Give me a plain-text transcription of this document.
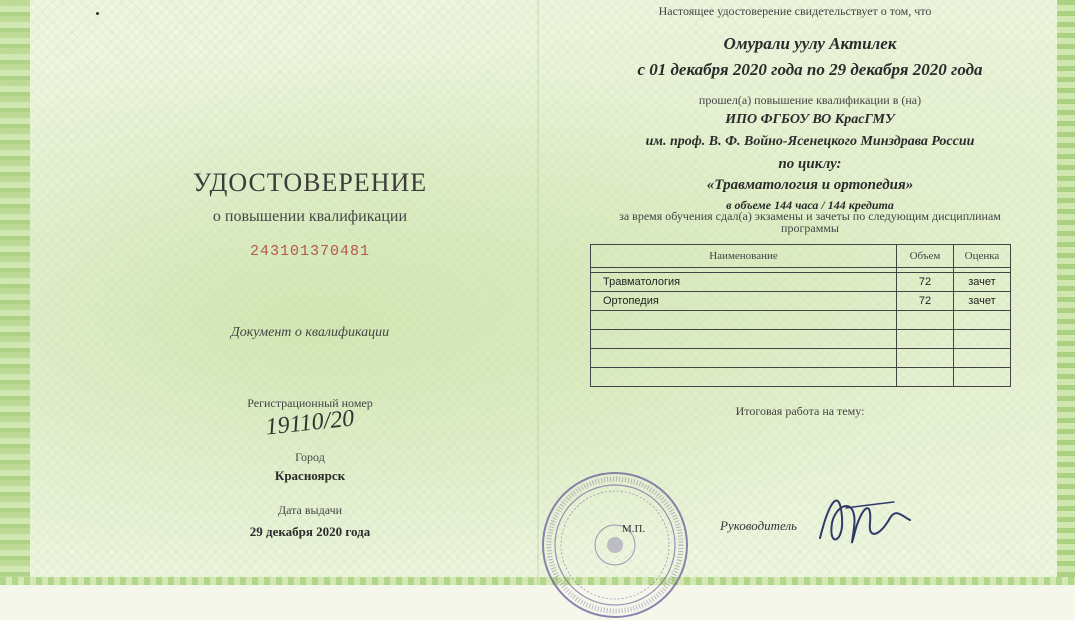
УДОСТОВЕРЕНИЕ
о повышении квалификации
243101370481
Документ о квалификации
Регистрационный номер
19110/20
Город
Красноярск
Дата выдачи
29 декабря 2020 года
Настоящее удостоверение свидетельствует о том, что
Омурали уулу Актилек
с 01 декабря 2020 года по 29 декабря 2020 года
прошел(а) повышение квалификации в (на)
ИПО ФГБОУ ВО КрасГМУ
им. проф. В. Ф. Войно-Ясенецкого Минздрава России
по циклу:
«Травматология и ортопедия»
в объеме 144 часа / 144 кредита
за время обучения сдал(а) экзамены и зачеты по следующим дисциплинам программы
Наименование	Объем	Оценка

Травматология	72	зачет
Ортопедия	72	зачет

Итоговая работа на тему:
М.П.	Руководитель
